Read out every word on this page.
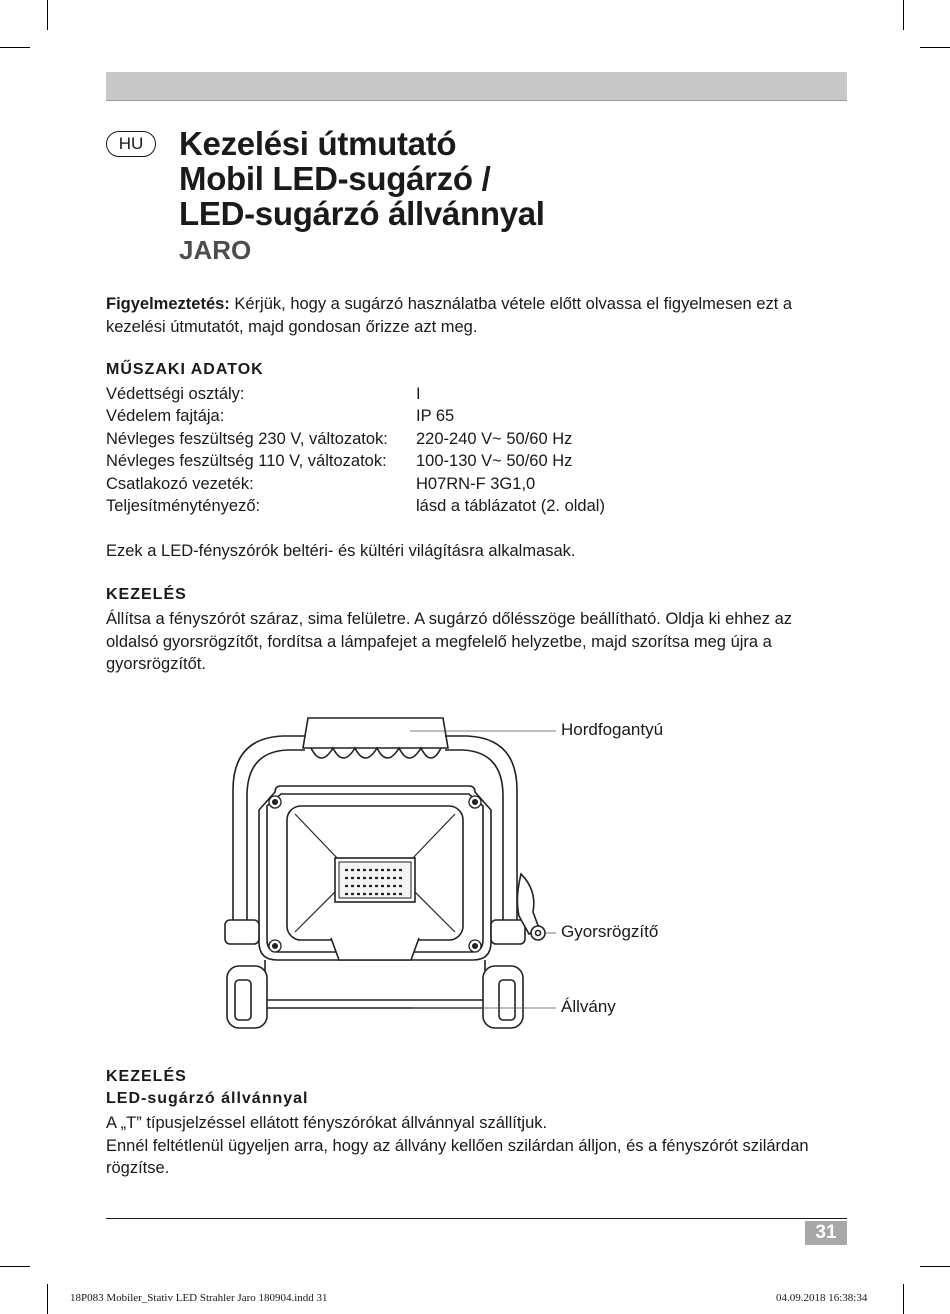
HU	Kezelési útmutató
Mobil LED-sugárzó /
LED-sugárzó állvánnyal
JARO
Figyelmeztetés: Kérjük, hogy a sugárzó használatba vétele előtt olvassa el figyelmesen ezt a
kezelési útmutatót, majd gondosan őrizze azt meg.
MŰSZAKI ADATOK
Védettségi osztály:	I
Védelem fajtája:	IP 65
Névleges feszültség 230 V, változatok: 220-240 V~ 50/60 Hz
Névleges feszültség 110 V, változatok: 100-130 V~ 50/60 Hz
Csatlakozó vezeték:	H07RN-F 3G1,0
Teljesítménytényező:	lásd a táblázatot (2. oldal)
Ezek a LED-fényszórók beltéri- és kültéri világításra alkalmasak.
KEZELÉS
Állítsa a fényszórót száraz, sima felületre. A sugárzó dőlésszöge beállítható. Oldja ki ehhez az
oldalsó gyorsrögzítőt, fordítsa a lámpafejet a megfelelő helyzetbe, majd szorítsa meg újra a
gyorsrögzítőt.
Hordfogantyú
Gyorsrögzítő
Állvány
KEZELÉS
LED-sugárzó állvánnyal
A „T” típusjelzéssel ellátott fényszórókat állvánnyal szállítjuk.
Ennél feltétlenül ügyeljen arra, hogy az állvány kellően szilárdan álljon, és a fényszórót szilárdan
rögzítse.
31
18P083 Mobiler_Stativ LED Strahler Jaro 180904.indd 31	04.09.2018 16:38:34
